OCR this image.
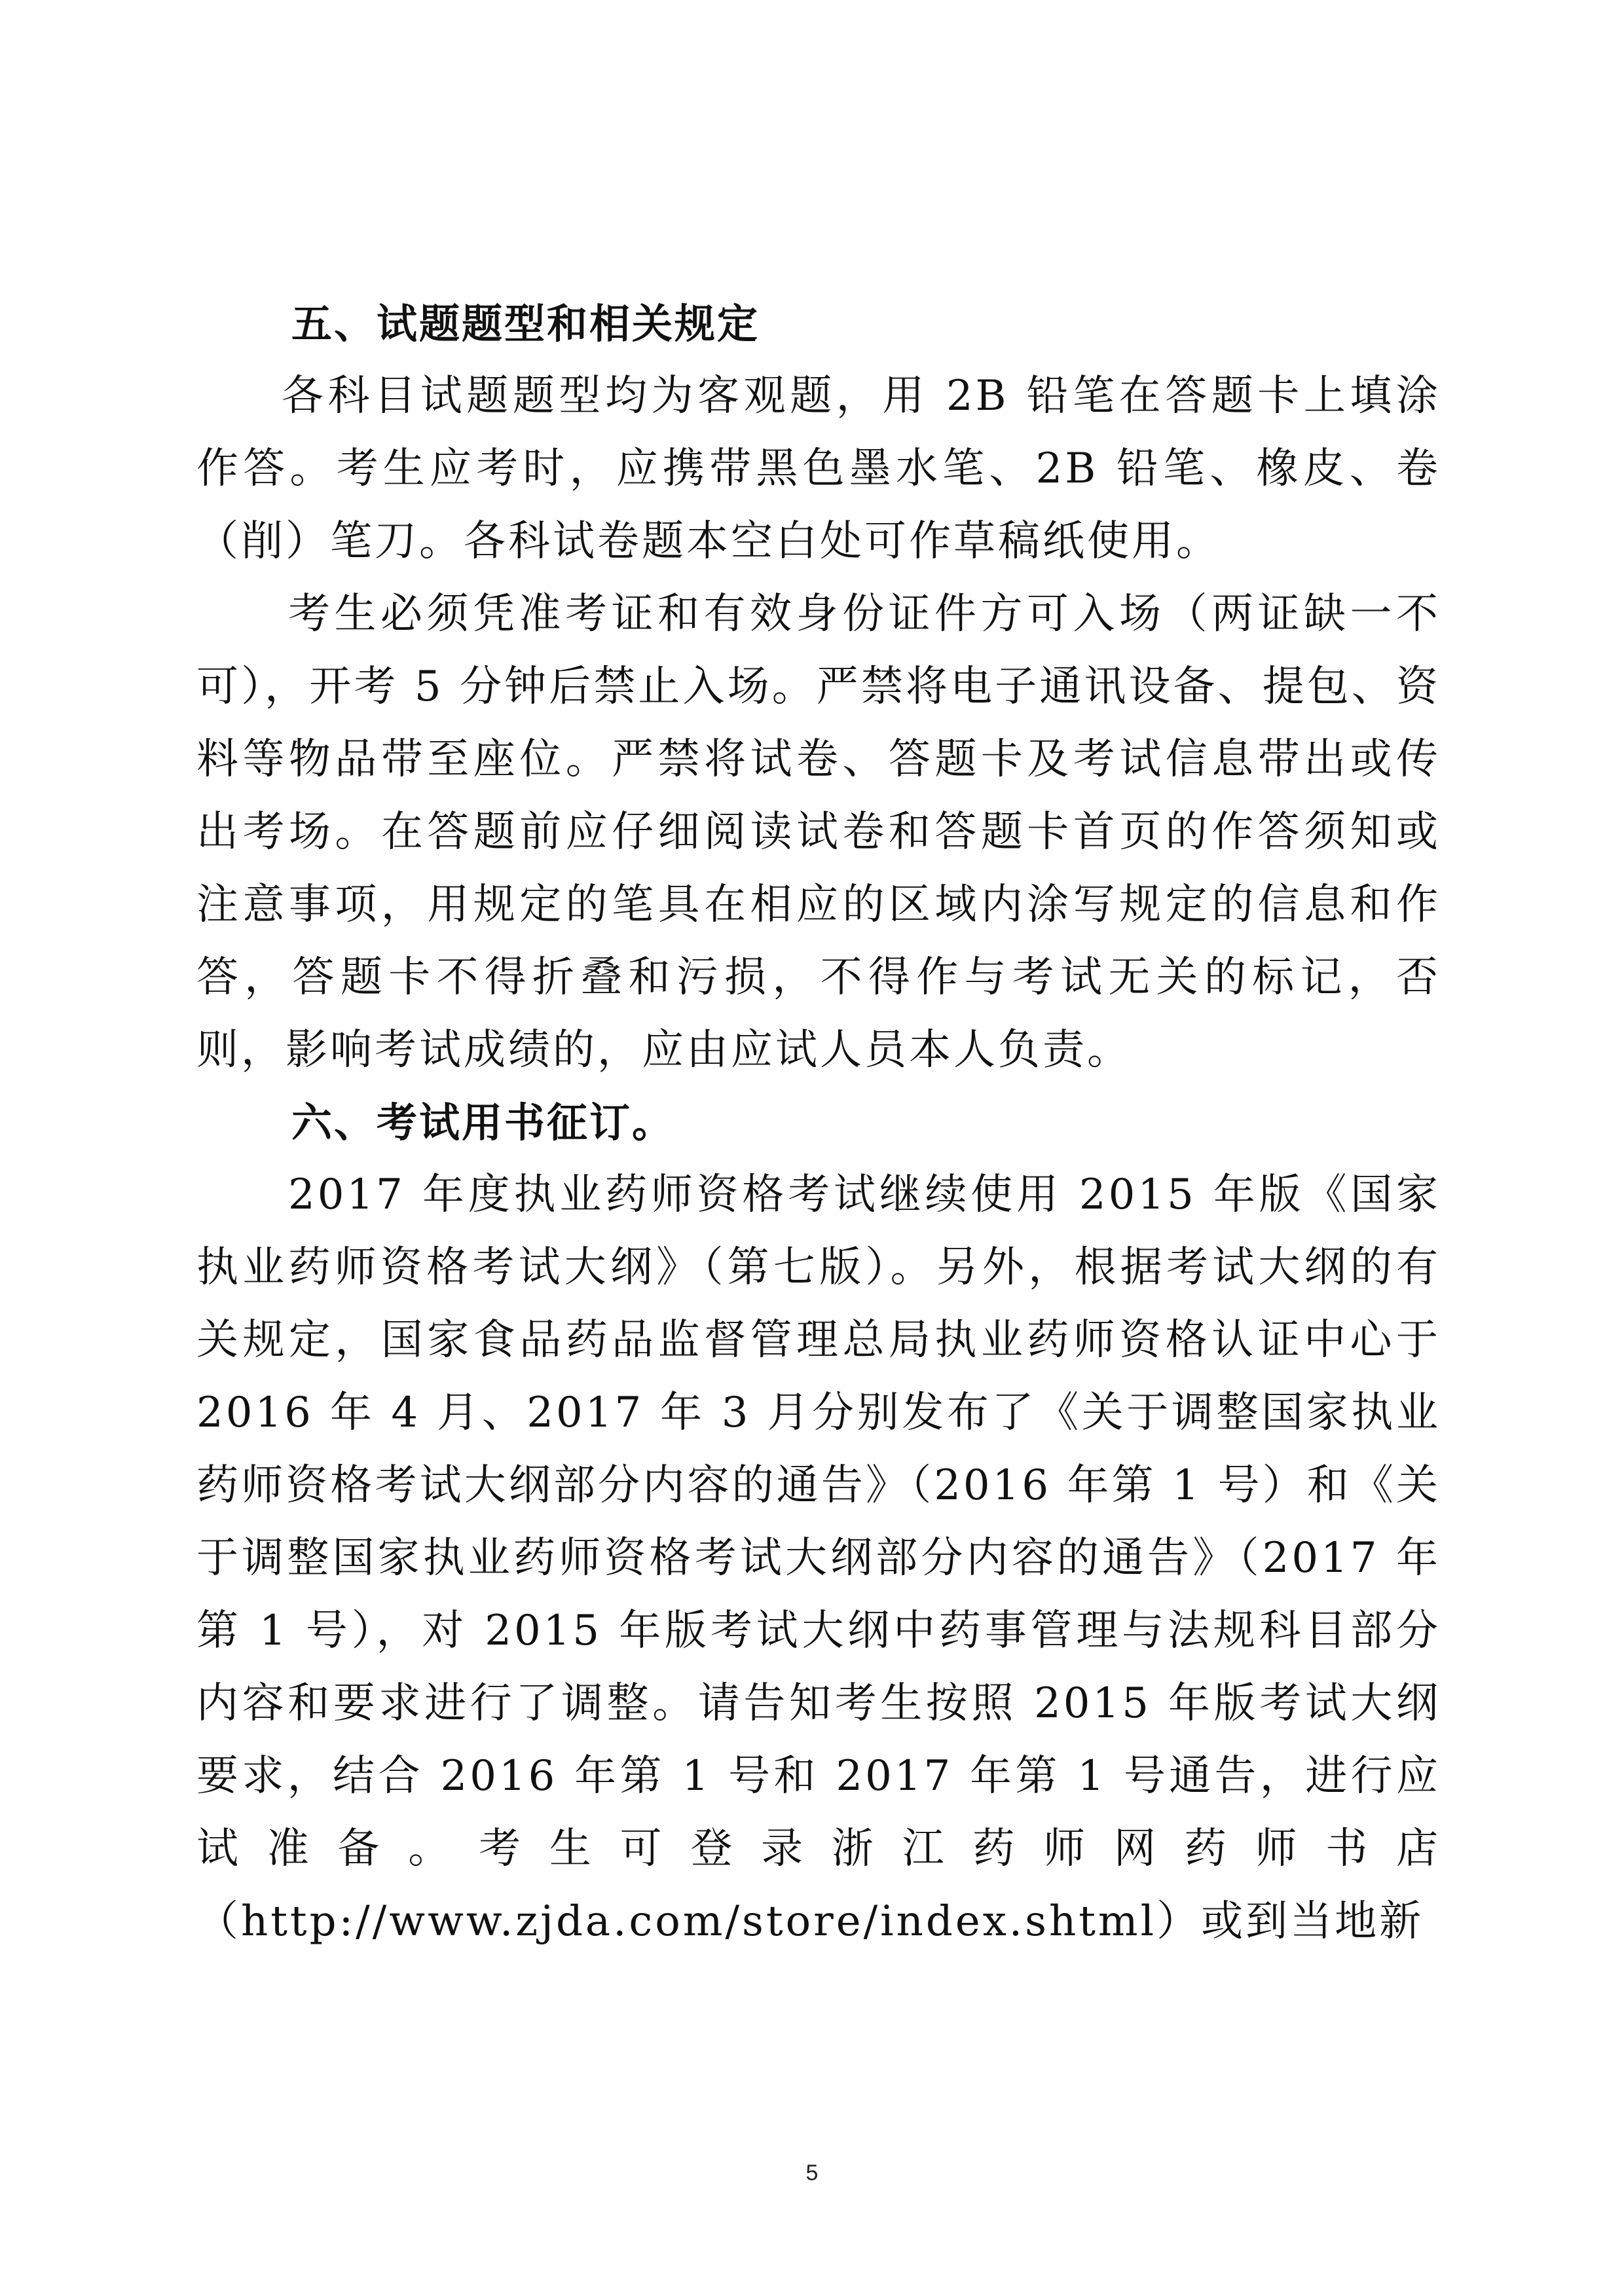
五、试题题型和相关规定

各科目试题题型均为客观题，用 2B 铅笔在答题卡上填涂作答。考生应考时，应携带黑色墨水笔、2B 铅笔、橡皮、卷（削）笔刀。各科试卷题本空白处可作草稿纸使用。

考生必须凭准考证和有效身份证件方可入场（两证缺一不可），开考 5 分钟后禁止入场。严禁将电子通讯设备、提包、资料等物品带至座位。严禁将试卷、答题卡及考试信息带出或传出考场。在答题前应仔细阅读试卷和答题卡首页的作答须知或注意事项，用规定的笔具在相应的区域内涂写规定的信息和作答，答题卡不得折叠和污损，不得作与考试无关的标记，否则，影响考试成绩的，应由应试人员本人负责。

六、考试用书征订。

2017 年度执业药师资格考试继续使用 2015 年版《国家执业药师资格考试大纲》（第七版）。另外，根据考试大纲的有关规定，国家食品药品监督管理总局执业药师资格认证中心于 2016 年 4 月、2017 年 3 月分别发布了《关于调整国家执业药师资格考试大纲部分内容的通告》（2016 年第 1 号）和《关于调整国家执业药师资格考试大纲部分内容的通告》（2017 年第 1 号），对 2015 年版考试大纲中药事管理与法规科目部分内容和要求进行了调整。请告知考生按照 2015 年版考试大纲要求，结合 2016 年第 1 号和 2017 年第 1 号通告，进行应试准备。考生可登录浙江药师网药师书店（http://www.zjda.com/store/index.shtml）或到当地新

5
